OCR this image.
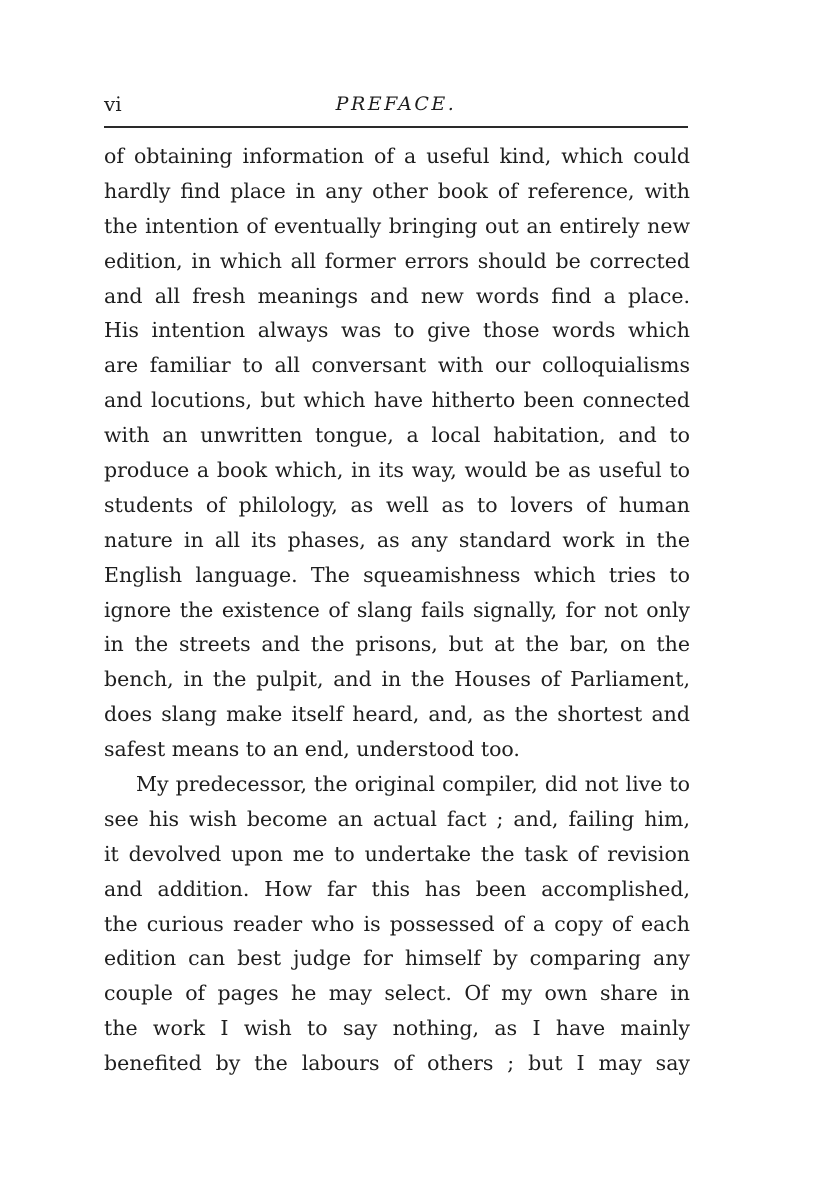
vi	PREFACE.
of obtaining information of a useful kind, which could
hardly find place in any other book of reference, with
the intention of eventually bringing out an entirely new
edition, in which all former errors should be corrected
and all fresh meanings and new words find a place.
His intention always was to give those words which
are familiar to all conversant with our colloquialisms
and locutions, but which have hitherto been connected
with an unwritten tongue, a local habitation, and to
produce a book which, in its way, would be as useful to
students of philology, as well as to lovers of human
nature in all its phases, as any standard work in the
English language. The squeamishness which tries to
ignore the existence of slang fails signally, for not only
in the streets and the prisons, but at the bar, on the
bench, in the pulpit, and in the Houses of Parliament,
does slang make itself heard, and, as the shortest and
safest means to an end, understood too.
My predecessor, the original compiler, did not live to
see his wish become an actual fact ; and, failing him,
it devolved upon me to undertake the task of revision
and addition. How far this has been accomplished,
the curious reader who is possessed of a copy of each
edition can best judge for himself by comparing any
couple of pages he may select. Of my own share in
the work I wish to say nothing, as I have mainly
benefited by the labours of others ; but I may say
